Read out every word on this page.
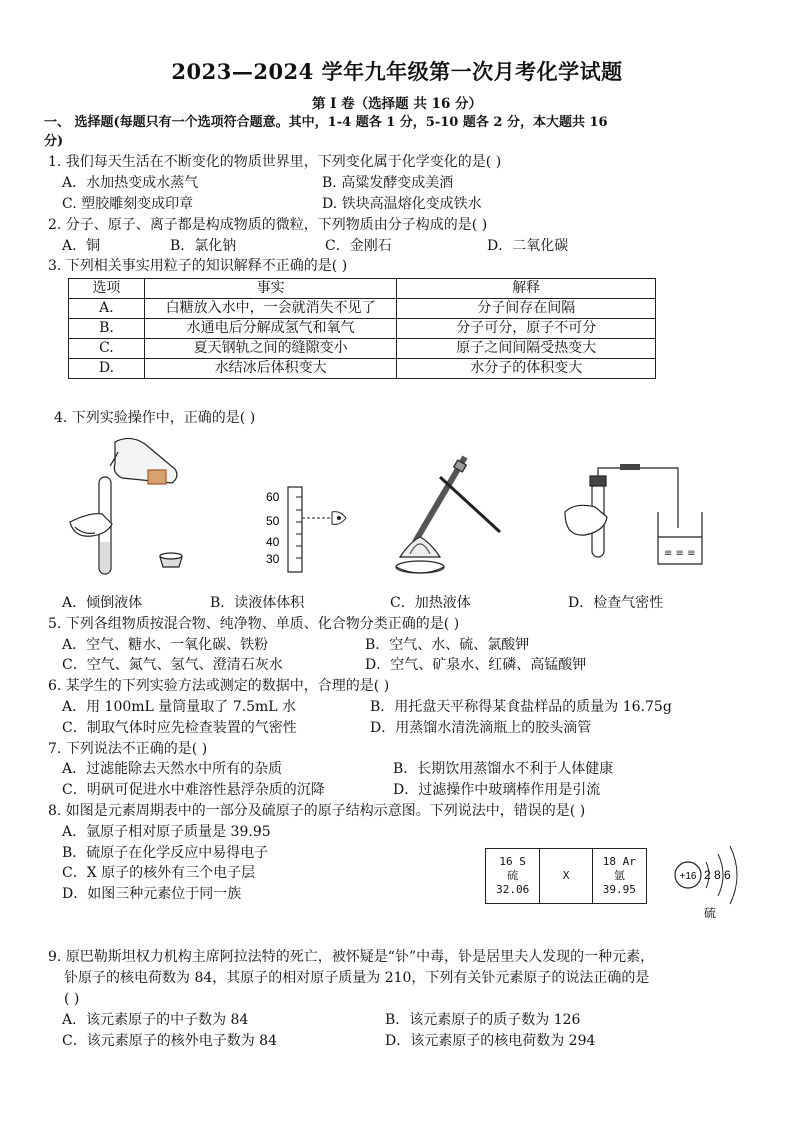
2023—2024 学年九年级第一次月考化学试题
第 I 卷（选择题 共 16 分）
一、 选择题(每题只有一个选项符合题意。其中，1-4 题各 1 分，5-10 题各 2 分，本大题共 16
分)
1. 我们每天生活在不断变化的物质世界里，下列变化属于化学变化的是( )
A．水加热变成水蒸气	B. 高粱发酵变成美酒
C. 塑胶雕刻变成印章	D. 铁块高温熔化变成铁水
2. 分子、原子、离子都是构成物质的微粒，下列物质由分子构成的是( )
A．铜	B．氯化钠	C．金刚石	D．二氧化碳
3. 下列相关事实用粒子的知识解释不正确的是( )
选项	事实	解释
A.	白糖放入水中，一会就消失不见了	分子间存在间隔
B.	水通电后分解成氢气和氧气	分子可分，原子不可分
C.	夏天钢轨之间的缝隙变小	原子之间间隔受热变大
D.	水结冰后体积变大	水分子的体积变大
4. 下列实验操作中，正确的是( )
60
50
40
30	≡ ≡ ≡
A．倾倒液体	B．读液体体积	C．加热液体	D．检查气密性
5. 下列各组物质按混合物、纯净物、单质、化合物分类正确的是( )
A．空气、糖水、一氧化碳、铁粉	B．空气、水、硫、氯酸钾
C．空气、氮气、氢气、澄清石灰水	D．空气、矿泉水、红磷、高锰酸钾
6. 某学生的下列实验方法或测定的数据中，合理的是( )
A．用 100mL 量筒量取了 7.5mL 水	B．用托盘天平称得某食盐样品的质量为 16.75g
C．制取气体时应先检查装置的气密性	D．用蒸馏水清洗滴瓶上的胶头滴管
7. 下列说法不正确的是( )
A．过滤能除去天然水中所有的杂质	B．长期饮用蒸馏水不利于人体健康
C．明矾可促进水中难溶性悬浮杂质的沉降	D．过滤操作中玻璃棒作用是引流
8. 如图是元素周期表中的一部分及硫原子的原子结构示意图。下列说法中，错误的是( )
A．氩原子相对原子质量是 39.95
B．硫原子在化学反应中易得电子
C．X 原子的核外有三个电子层
D．如图三种元素位于同一族
16 S
硫
32.06
X
18 Ar
氩
39.95
+16 2 8 6
硫
9. 原巴勒斯坦权力机构主席阿拉法特的死亡，被怀疑是“钋”中毒，钋是居里夫人发现的一种元素，
钋原子的核电荷数为 84，其原子的相对原子质量为 210，下列有关钋元素原子的说法正确的是
( )
A．该元素原子的中子数为 84	B．该元素原子的质子数为 126
C．该元素原子的核外电子数为 84	D．该元素原子的核电荷数为 294
